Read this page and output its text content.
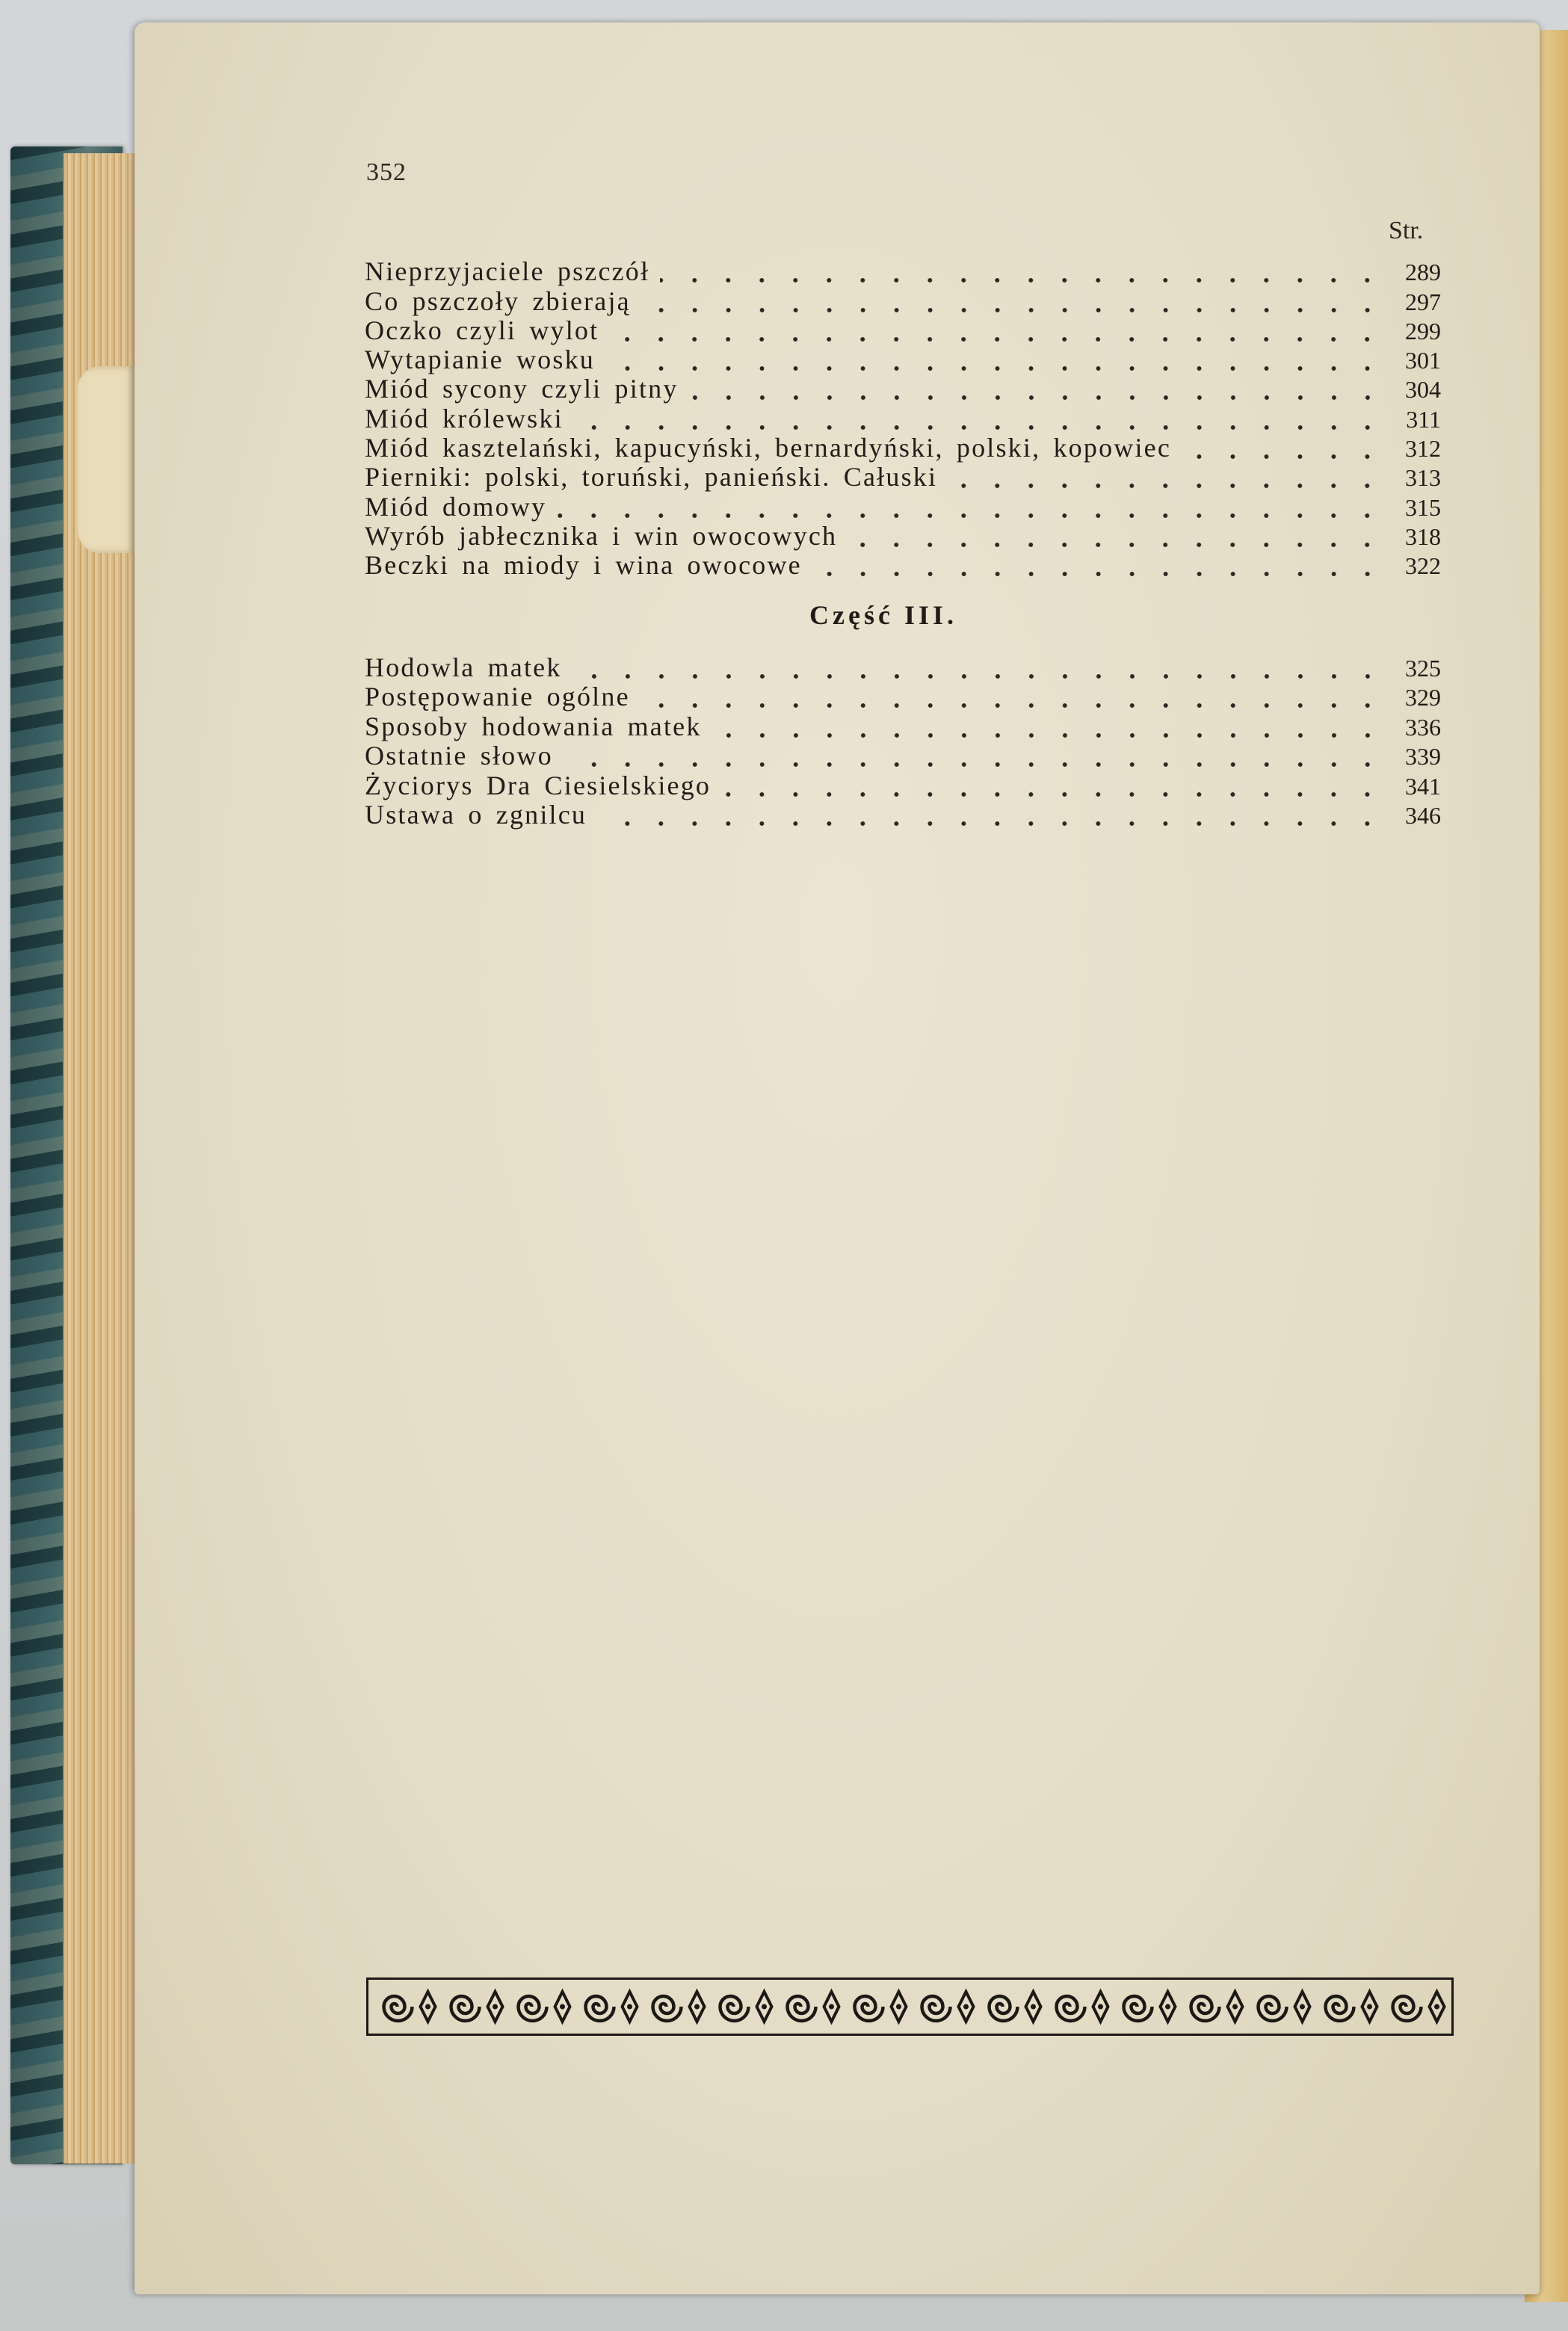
352
Str.
Nieprzyjaciele pszczół	289
Co pszczoły zbierają	297
Oczko czyli wylot	299
Wytapianie wosku	301
Miód sycony czyli pitny	304
Miód królewski	311
Miód kasztelański, kapucyński, bernardyński, polski, kopowiec	312
Pierniki: polski, toruński, panieński. Całuski	313
Miód domowy	315
Wyrób jabłecznika i win owocowych	318
Beczki na miody i wina owocowe	322
Część III.
Hodowla matek	325
Postępowanie ogólne	329
Sposoby hodowania matek	336
Ostatnie słowo	339
Życiorys Dra Ciesielskiego	341
Ustawa o zgnilcu	346
